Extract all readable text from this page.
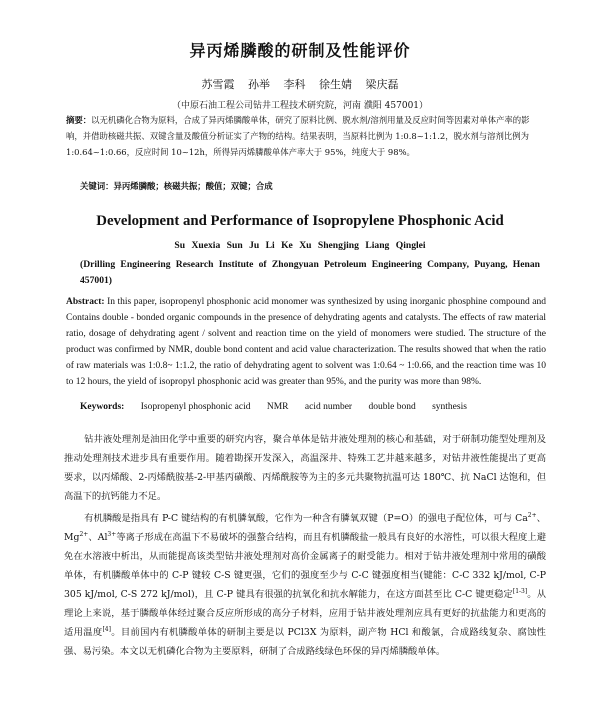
异丙烯膦酸的研制及性能评价
苏雪霞 孙举 李科 徐生婧 梁庆磊
（中原石油工程公司钻井工程技术研究院，河南 濮阳 457001）
摘要：以无机磷化合物为原料，合成了异丙烯膦酸单体，研究了原料比例、脱水剂/溶剂用量及反应时间等因素对单体产率的影响，并借助核磁共振、双键含量及酸值分析证实了产物的结构。结果表明，当原料比例为 1:0.8~1:1.2，脱水剂与溶剂比例为 1:0.64~1:0.66，反应时间 10~12h，所得异丙烯膦酸单体产率大于 95%，纯度大于 98%。
关键词：异丙烯膦酸；核磁共振；酸值；双键；合成
Development and Performance of Isopropylene Phosphonic Acid
Su Xuexia Sun Ju Li Ke Xu Shengjing Liang Qinglei
(Drilling Engineering Research Institute of Zhongyuan Petroleum Engineering Company, Puyang, Henan 457001)
Abstract: In this paper, isopropenyl phosphonic acid monomer was synthesized by using inorganic phosphine compound and Contains double - bonded organic compounds in the presence of dehydrating agents and catalysts. The effects of raw material ratio, dosage of dehydrating agent / solvent and reaction time on the yield of monomers were studied. The structure of the product was confirmed by NMR, double bond content and acid value characterization. The results showed that when the ratio of raw materials was 1:0.8~ 1:1.2, the ratio of dehydrating agent to solvent was 1:0.64 ~ 1:0.66, and the reaction time was 10 to 12 hours, the yield of isopropyl phosphonic acid was greater than 95%, and the purity was more than 98%.
Keywords: Isopropenyl phosphonic acid NMR acid number double bond synthesis
钻井液处理剂是油田化学中重要的研究内容，聚合单体是钻井液处理剂的核心和基础，对于研制功能型处理剂及推动处理剂技术进步具有重要作用。随着勘探开发深入，高温深井、特殊工艺井越来越多，对钻井液性能提出了更高要求，以丙烯酸、2-丙烯酰胺基-2-甲基丙磺酸、丙烯酰胺等为主的多元共聚物抗温可达 180℃、抗 NaCl 达饱和，但高温下的抗钙能力不足。
有机膦酸是指具有 P-C 键结构的有机膦氧酸，它作为一种含有膦氧双键（P=O）的强电子配位体，可与 $Ca^{2+}$、$Mg^{2+}$、$Al^{3+}$等离子形成在高温下不易破坏的强螯合结构，而且有机膦酸盐一般具有良好的水溶性，可以很大程度上避免在水溶液中析出，从而能提高该类型钻井液处理剂对高价金属离子的耐受能力。相对于钻井液处理剂中常用的磺酸单体，有机膦酸单体中的 C-P 键较 C-S 键更强，它们的强度至少与 C-C 键强度相当(键能：C-C 332 kJ/mol, C-P 305 kJ/mol, C-S 272 kJ/mol)，且 C-P 键具有很强的抗氧化和抗水解能力，在这方面甚至比 C-C 键更稳定[1-3]。从理论上来说，基于膦酸单体经过聚合反应所形成的高分子材料，应用于钻井液处理剂应具有更好的抗盐能力和更高的适用温度[4]。目前国内有机膦酸单体的研制主要是以 PCl3X 为原料，副产物 HCl 和酸氯，合成路线复杂、腐蚀性强、易污染。本文以无机磷化合物为主要原料，研制了合成路线绿色环保的异丙烯膦酸单体。
